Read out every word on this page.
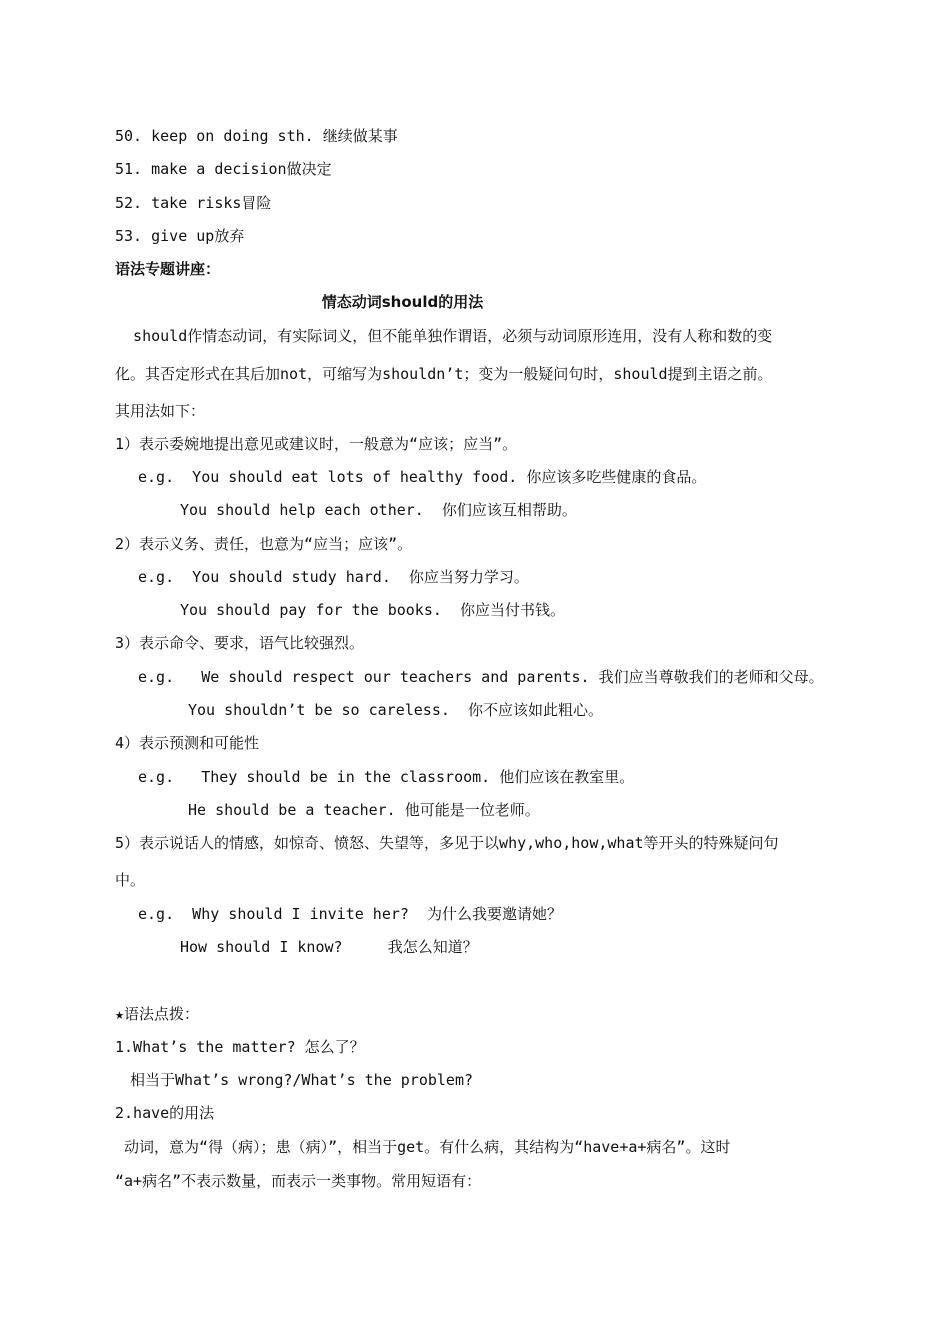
50. keep on doing sth. 继续做某事
51. make a decision做决定
52. take risks冒险
53. give up放弃
语法专题讲座：
情态动词should的用法
should作情态动词，有实际词义，但不能单独作谓语，必须与动词原形连用，没有人称和数的变
化。其否定形式在其后加not，可缩写为shouldn’t；变为一般疑问句时，should提到主语之前。
其用法如下：
1）表示委婉地提出意见或建议时，一般意为“应该；应当”。
e.g.  You should eat lots of healthy food. 你应该多吃些健康的食品。
You should help each other.  你们应该互相帮助。
2）表示义务、责任，也意为“应当；应该”。
e.g.  You should study hard.  你应当努力学习。
You should pay for the books.  你应当付书钱。
3）表示命令、要求，语气比较强烈。
e.g.   We should respect our teachers and parents. 我们应当尊敬我们的老师和父母。
You shouldn’t be so careless.  你不应该如此粗心。
4）表示预测和可能性
e.g.   They should be in the classroom. 他们应该在教室里。
He should be a teacher. 他可能是一位老师。
5）表示说话人的情感，如惊奇、愤怒、失望等，多见于以why,who,how,what等开头的特殊疑问句
中。
e.g.  Why should I invite her?  为什么我要邀请她？
How should I know?     我怎么知道？
★语法点拨：
1.What’s the matter? 怎么了？
相当于What’s wrong?/What’s the problem?
2.have的用法
动词，意为“得（病）；患（病）”，相当于get。有什么病，其结构为“have+a+病名”。这时
“a+病名”不表示数量，而表示一类事物。常用短语有：
